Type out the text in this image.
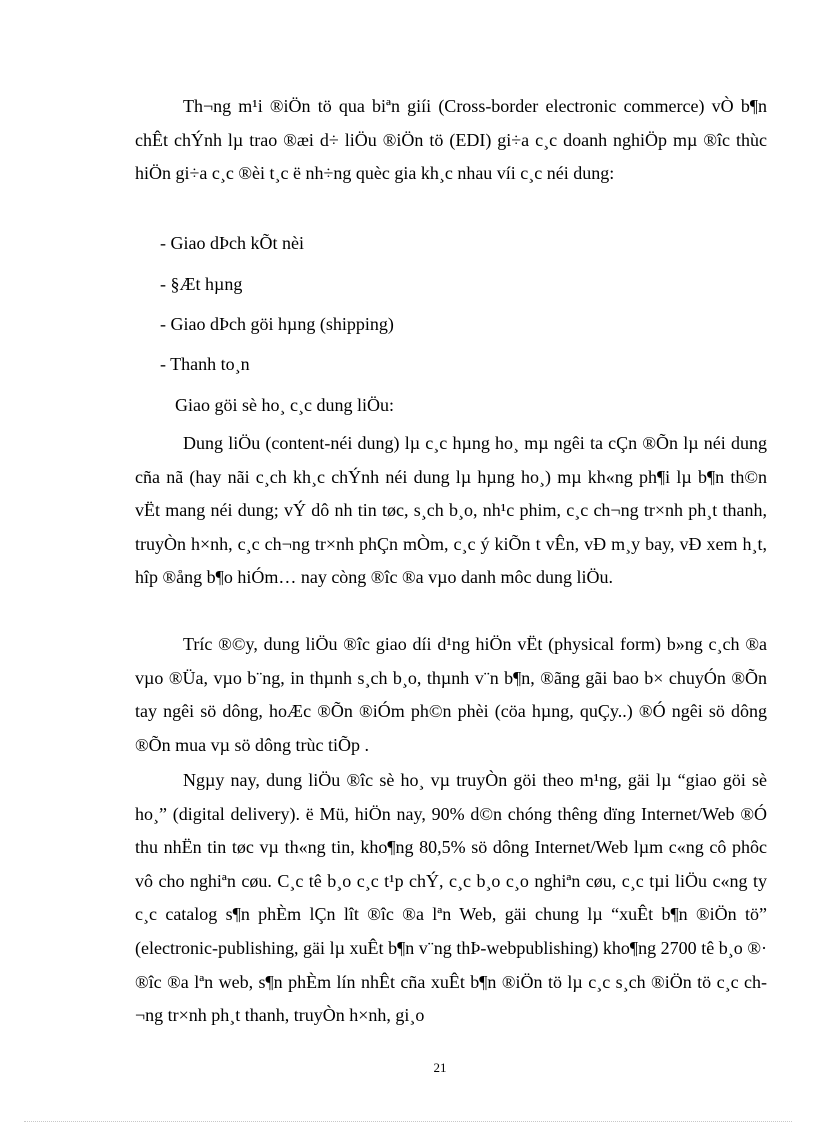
Th¬ng m¹i ®iÖn tö qua biªn giíi (Cross-border electronic commerce) vÒ b¶n chÊt chÝnh lµ trao ®æi d÷ liÖu ®iÖn tö (EDI) gi÷a c¸c doanh nghiÖp mµ ®îc thùc hiÖn gi÷a c¸c ®èi t¸c ë nh÷ng quèc gia kh¸c nhau víi c¸c néi dung:

- Giao dÞch kÕt nèi

- §Æt hµng

- Giao dÞch göi hµng (shipping)

- Thanh to¸n

Giao göi sè ho¸ c¸c dung liÖu:

Dung liÖu (content-néi dung) lµ c¸c hµng ho¸ mµ ngêi ta cÇn ®Õn lµ néi dung cña nã (hay nãi c¸ch kh¸c chÝnh néi dung lµ hµng ho¸) mµ kh«ng ph¶i lµ b¶n th©n vËt mang néi dung; vÝ dô nh tin tøc, s¸ch b¸o, nh¹c phim, c¸c ch¬ng tr×nh ph¸t thanh, truyÒn h×nh, c¸c ch¬ng tr×nh phÇn mÒm, c¸c ý kiÕn t vÊn, vÐ m¸y bay, vÐ xem h¸t, hîp ®ång b¶o hiÓm… nay còng ®îc ®a vµo danh môc dung liÖu.

Tríc ®©y, dung liÖu ®îc giao díi d¹ng hiÖn vËt (physical form) b»ng c¸ch ®a vµo ®Üa, vµo b¨ng, in thµnh s¸ch b¸o, thµnh v¨n b¶n, ®ãng gãi bao b× chuyÓn ®Õn tay ngêi sö dông, hoÆc ®Õn ®iÓm ph©n phèi (cöa hµng, quÇy..) ®Ó ngêi sö dông ®Õn mua vµ sö dông trùc tiÕp .

Ngµy nay, dung liÖu ®îc sè ho¸ vµ truyÒn göi theo m¹ng, gäi lµ “giao göi sè ho¸” (digital delivery). ë Mü, hiÖn nay, 90% d©n chóng thêng dïng Internet/Web ®Ó thu nhËn tin tøc vµ th«ng tin, kho¶ng 80,5% sö dông Internet/Web lµm c«ng cô phôc vô cho nghiªn cøu. C¸c tê b¸o c¸c t¹p chÝ, c¸c b¸o c¸o nghiªn cøu, c¸c tµi liÖu c«ng ty c¸c catalog s¶n phÈm lÇn lît ®îc ®a lªn Web, gäi chung lµ “xuÊt b¶n ®iÖn tö” (electronic-publishing, gäi lµ xuÊt b¶n v¨ng thÞ-webpublishing) kho¶ng 2700 tê b¸o ®· ®îc ®a lªn web, s¶n phÈm lín nhÊt cña xuÊt b¶n ®iÖn tö lµ c¸c s¸ch ®iÖn tö c¸c ch¬ng tr×nh ph¸t thanh, truyÒn h×nh, gi¸o

21
